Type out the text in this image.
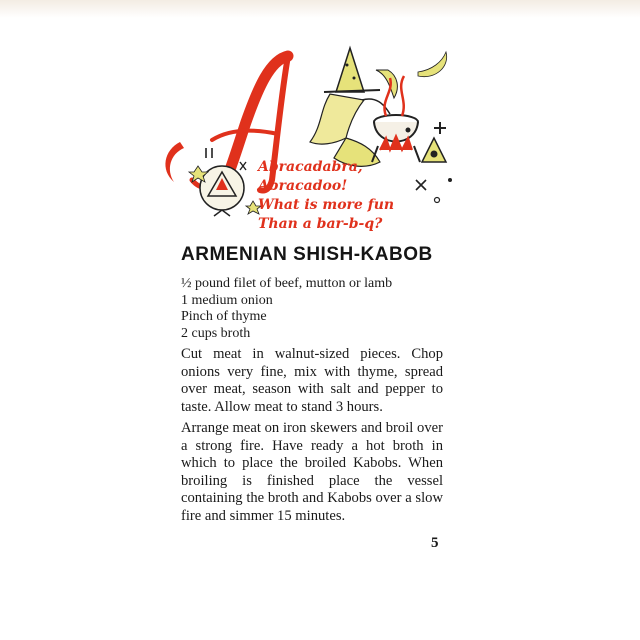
Abracadabra,
Abracadoo!
What is more fun
Than a bar-b-q?
ARMENIAN SHISH-KABOB
½ pound filet of beef, mutton or lamb
1 medium onion
Pinch of thyme
2 cups broth
Cut meat in walnut-sized pieces. Chop onions very fine, mix with thyme, spread over meat, season with salt and pepper to taste. Allow meat to stand 3 hours.
Arrange meat on iron skewers and broil over a strong fire. Have ready a hot broth in which to place the broiled Kabobs. When broiling is finished place the vessel containing the broth and Kabobs over a slow fire and simmer 15 minutes.
5
